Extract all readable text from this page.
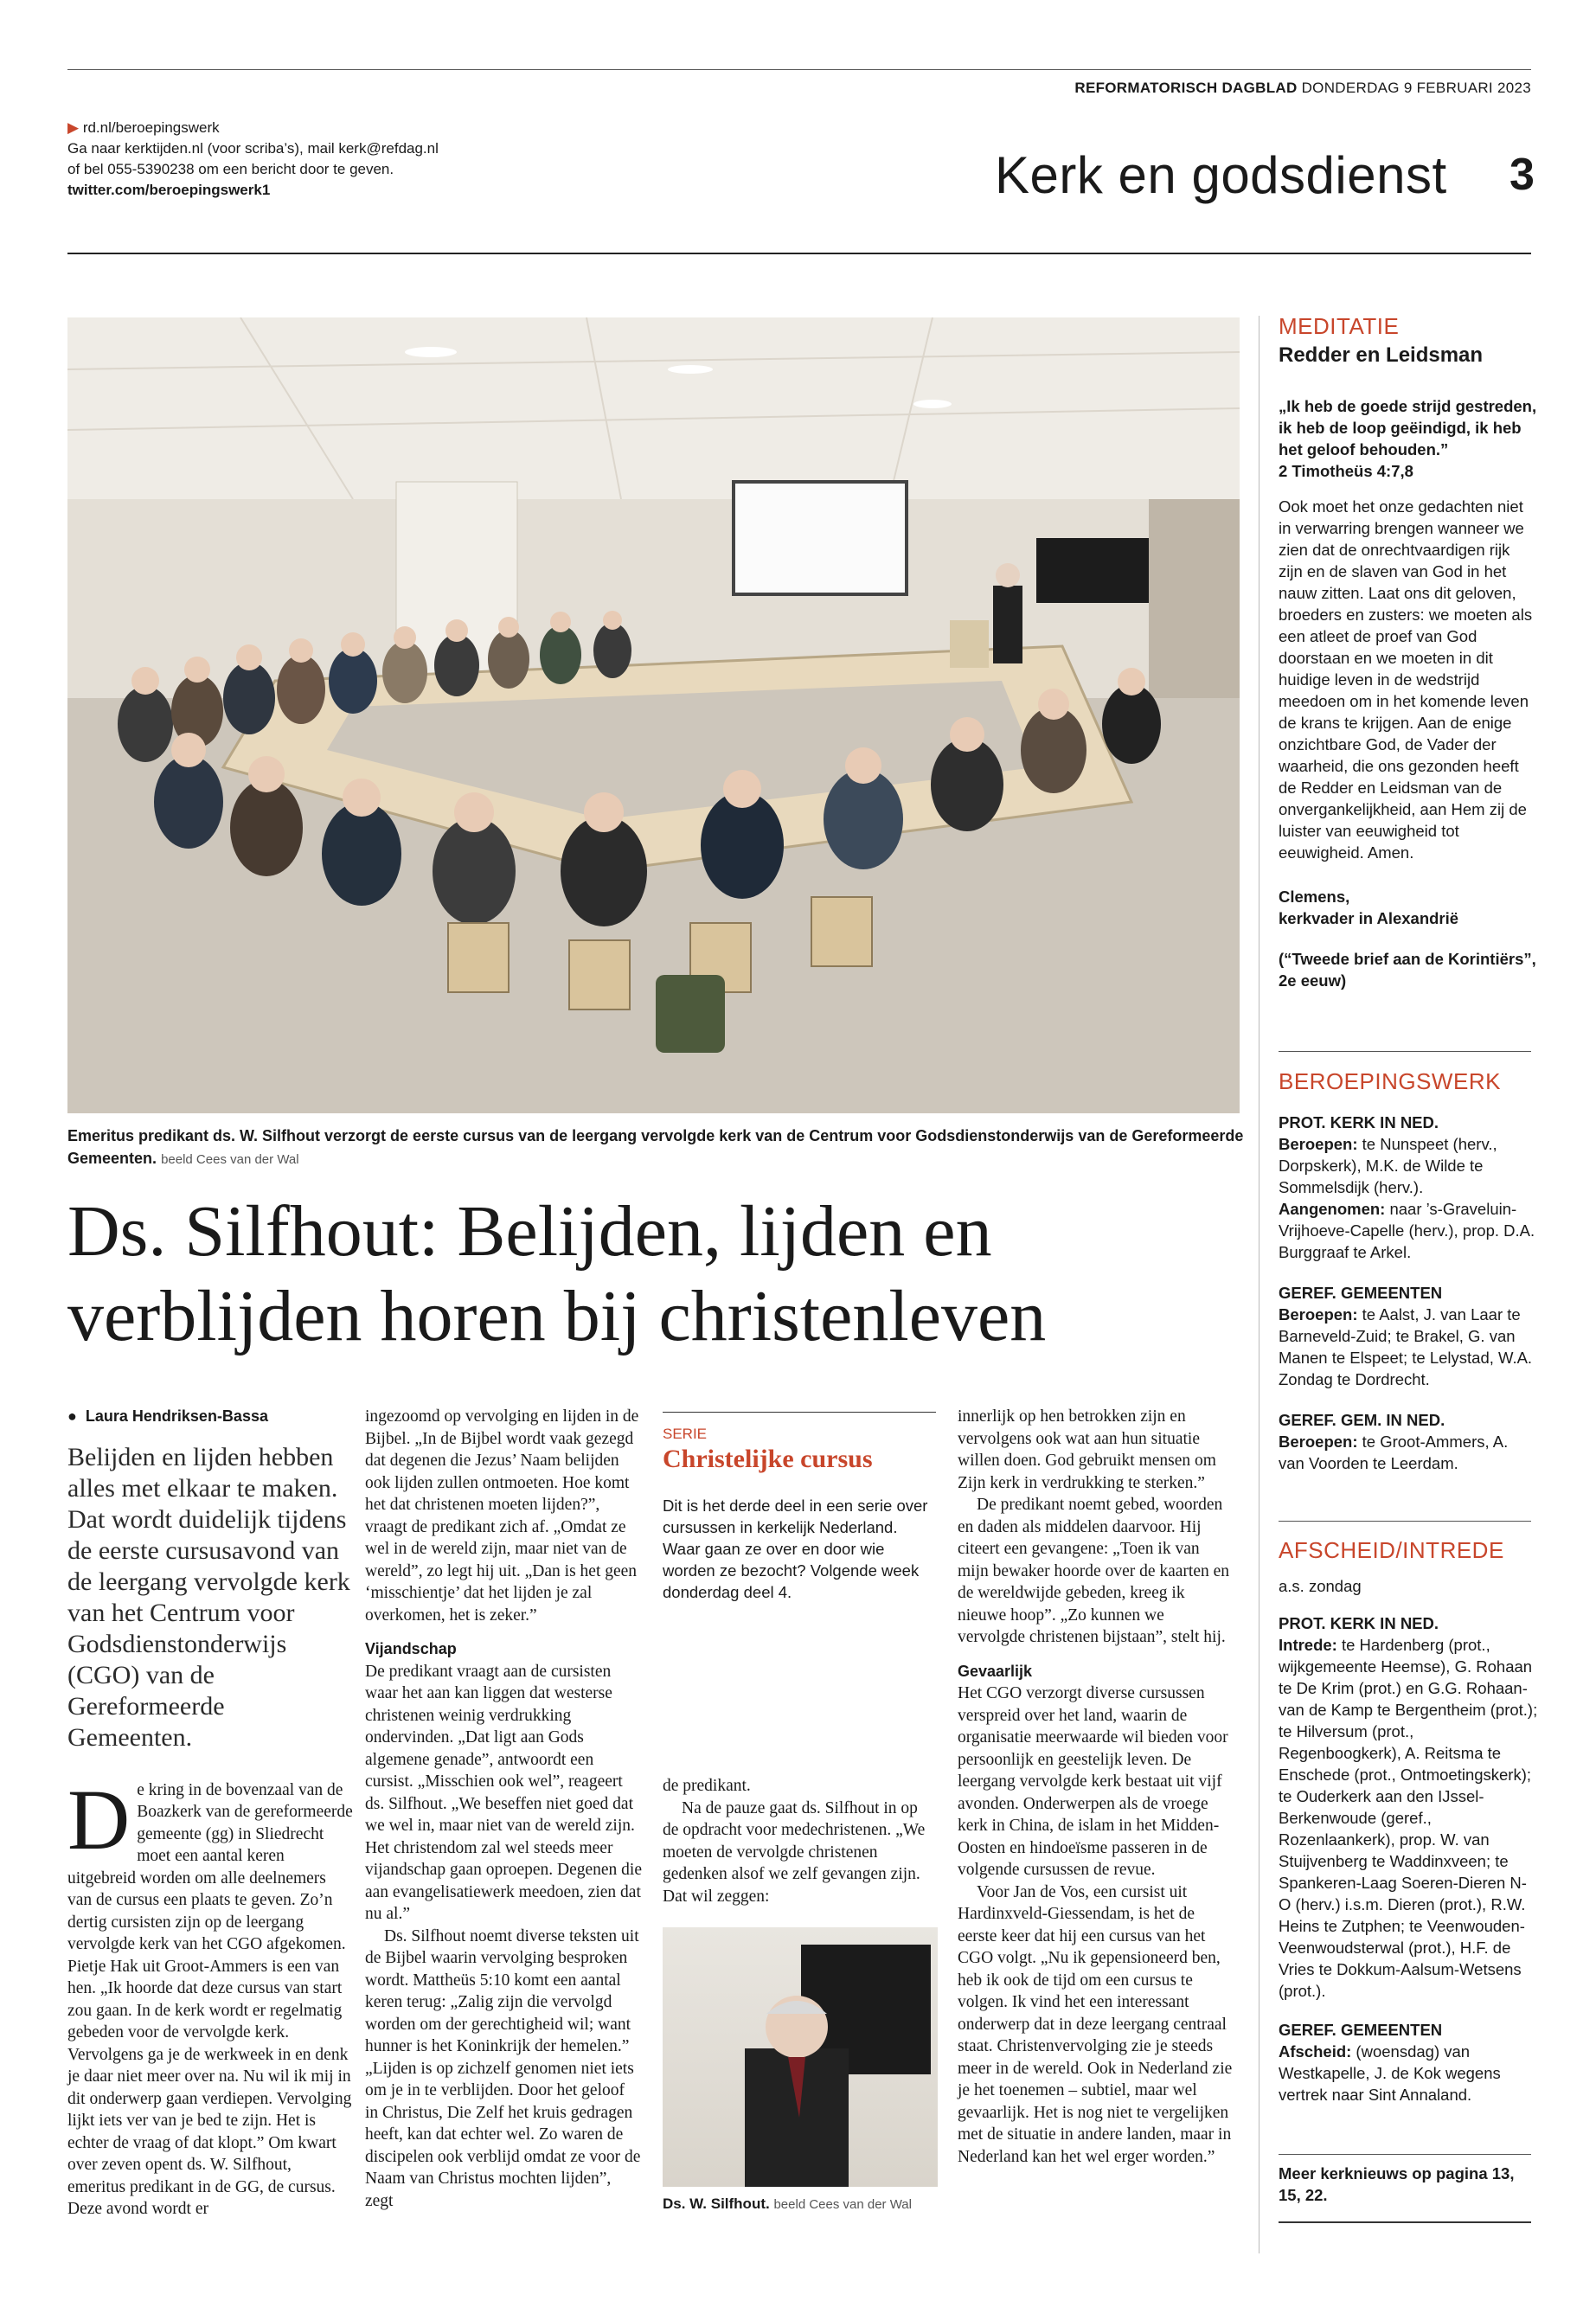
REFORMATORISCH DAGBLAD DONDERDAG 9 FEBRUARI 2023
▶ rd.nl/beroepingswerk
Ga naar kerktijden.nl (voor scriba’s), mail kerk@refdag.nl
of bel 055-5390238 om een bericht door te geven.
twitter.com/beroepingswerk1	Kerk en godsdienst 3
Emeritus predikant ds. W. Silfhout verzorgt de eerste cursus van de leergang vervolgde kerk van de Centrum voor Godsdienstonderwijs van de Gereformeerde Gemeenten. beeld Cees van der Wal
Ds. Silfhout: Belijden, lijden en verblijden horen bij christenleven
● Laura Hendriksen-Bassa
Belijden en lijden hebben alles met elkaar te maken. Dat wordt duidelijk tijdens de eerste cursusavond van de leergang vervolgde kerk van het Centrum voor Godsdienstonderwijs (CGO) van de Gereformeerde Gemeenten.

De kring in de bovenzaal van de Boazkerk van de gereformeerde gemeente (gg) in Sliedrecht moet een aantal keren uitgebreid worden om alle deelnemers van de cursus een plaats te geven. Zo’n dertig cursisten zijn op de leergang vervolgde kerk van het CGO afgekomen. Pietje Hak uit Groot-Ammers is een van hen. „Ik hoorde dat deze cursus van start zou gaan. In de kerk wordt er regelmatig gebeden voor de vervolgde kerk. Vervolgens ga je de werkweek in en denk je daar niet meer over na. Nu wil ik mij in dit onderwerp gaan verdiepen. Vervolging lijkt iets ver van je bed te zijn. Het is echter de vraag of dat klopt.” Om kwart over zeven opent ds. W. Silfhout, emeritus predikant in de GG, de cursus. Deze avond wordt er

ingezoomd op vervolging en lijden in de Bijbel. „In de Bijbel wordt vaak gezegd dat degenen die Jezus’ Naam belijden ook lijden zullen ontmoeten. Hoe komt het dat christenen moeten lijden?”, vraagt de predikant zich af. „Omdat ze wel in de wereld zijn, maar niet van de wereld”, zo legt hij uit. „Dan is het geen ‘misschientje’ dat het lijden je zal overkomen, het is zeker.”

Vijandschap

De predikant vraagt aan de cursisten waar het aan kan liggen dat westerse christenen weinig verdrukking ondervinden. „Dat ligt aan Gods algemene genade”, antwoordt een cursist. „Misschien ook wel”, reageert ds. Silfhout. „We beseffen niet goed dat we wel in, maar niet van de wereld zijn. Het christendom zal wel steeds meer vijandschap gaan oproepen. Degenen die aan evangelisatiewerk meedoen, zien dat nu al.”

Ds. Silfhout noemt diverse teksten uit de Bijbel waarin vervolging besproken wordt. Mattheüs 5:10 komt een aantal keren terug: „Zalig zijn die vervolgd worden om der gerechtigheid wil; want hunner is het Koninkrijk der hemelen.” „Lijden is op zichzelf genomen niet iets om je in te verblijden. Door het geloof in Christus, Die Zelf het kruis gedragen heeft, kan dat echter wel. Zo waren de discipelen ook verblijd omdat ze voor de Naam van Christus mochten lijden”, zegt

SERIE
Christelijke cursus
Dit is het derde deel in een serie over cursussen in kerkelijk Nederland. Waar gaan ze over en door wie worden ze bezocht? Volgende week donderdag deel 4.

de predikant.

Na de pauze gaat ds. Silfhout in op de opdracht voor medechristenen. „We moeten de vervolgde christenen gedenken alsof we zelf gevangen zijn. Dat wil zeggen:

Ds. W. Silfhout. beeld Cees van der Wal

innerlijk op hen betrokken zijn en vervolgens ook wat aan hun situatie willen doen. God gebruikt mensen om Zijn kerk in verdrukking te sterken.”

De predikant noemt gebed, woorden en daden als middelen daarvoor. Hij citeert een gevangene: „Toen ik van mijn bewaker hoorde over de kaarten en de wereldwijde gebeden, kreeg ik nieuwe hoop”. „Zo kunnen we vervolgde christenen bijstaan”, stelt hij.

Gevaarlijk

Het CGO verzorgt diverse cursussen verspreid over het land, waarin de organisatie meerwaarde wil bieden voor persoonlijk en geestelijk leven. De leergang vervolgde kerk bestaat uit vijf avonden. Onderwerpen als de vroege kerk in China, de islam in het Midden-Oosten en hindoeïsme passeren in de volgende cursussen de revue.

Voor Jan de Vos, een cursist uit Hardinxveld-Giessendam, is het de eerste keer dat hij een cursus van het CGO volgt. „Nu ik gepensioneerd ben, heb ik ook de tijd om een cursus te volgen. Ik vind het een interessant onderwerp dat in deze leergang centraal staat. Christenvervolging zie je steeds meer in de wereld. Ook in Nederland zie je het toenemen – subtiel, maar wel gevaarlijk. Het is nog niet te vergelijken met de situatie in andere landen, maar in Nederland kan het wel erger worden.”

MEDITATIE
Redder en Leidsman

„Ik heb de goede strijd gestreden, ik heb de loop geëindigd, ik heb het geloof behouden.”

2 Timotheüs 4:7,8

Ook moet het onze gedachten niet in verwarring brengen wanneer we zien dat de onrechtvaardigen rijk zijn en de slaven van God in het nauw zitten. Laat ons dit geloven, broeders en zusters: we moeten als een atleet de proef van God doorstaan en we moeten in dit huidige leven in de wedstrijd meedoen om in het komende leven de krans te krijgen. Aan de enige onzichtbare God, de Vader der waarheid, die ons gezonden heeft de Redder en Leidsman van de onvergankelijkheid, aan Hem zij de luister van eeuwigheid tot eeuwigheid. Amen.

Clemens,

kerkvader in Alexandrië

(“Tweede brief aan de Korintiërs”, 2e eeuw)

BEROEPINGSWERK

PROT. KERK IN NED.

Beroepen: te Nunspeet (herv., Dorpskerk), M.K. de Wilde te Sommelsdijk (herv.).

Aangenomen: naar ’s-Graveluin-Vrijhoeve-Capelle (herv.), prop. D.A. Burggraaf te Arkel.

GEREF. GEMEENTEN

Beroepen: te Aalst, J. van Laar te Barneveld-Zuid; te Brakel, G. van Manen te Elspeet; te Lelystad, W.A. Zondag te Dordrecht.

GEREF. GEM. IN NED.

Beroepen: te Groot-Ammers, A. van Voorden te Leerdam.

AFSCHEID/INTREDE

a.s. zondag

PROT. KERK IN NED.

Intrede: te Hardenberg (prot., wijkgemeente Heemse), G. Rohaan te De Krim (prot.) en G.G. Rohaan-van de Kamp te Bergentheim (prot.); te Hilversum (prot., Regenboogkerk), A. Reitsma te Enschede (prot., Ontmoetingskerk); te Ouderkerk aan den IJssel-Berkenwoude (geref., Rozenlaankerk), prop. W. van Stuijvenberg te Waddinxveen; te Spankeren-Laag Soeren-Dieren N-O (herv.) i.s.m. Dieren (prot.), R.W. Heins te Zutphen; te Veenwouden-Veenwoudsterwal (prot.), H.F. de Vries te Dokkum-Aalsum-Wetsens (prot.).

GEREF. GEMEENTEN

Afscheid: (woensdag) van Westkapelle, J. de Kok wegens vertrek naar Sint Annaland.

Meer kerknieuws op pagina 13, 15, 22.
